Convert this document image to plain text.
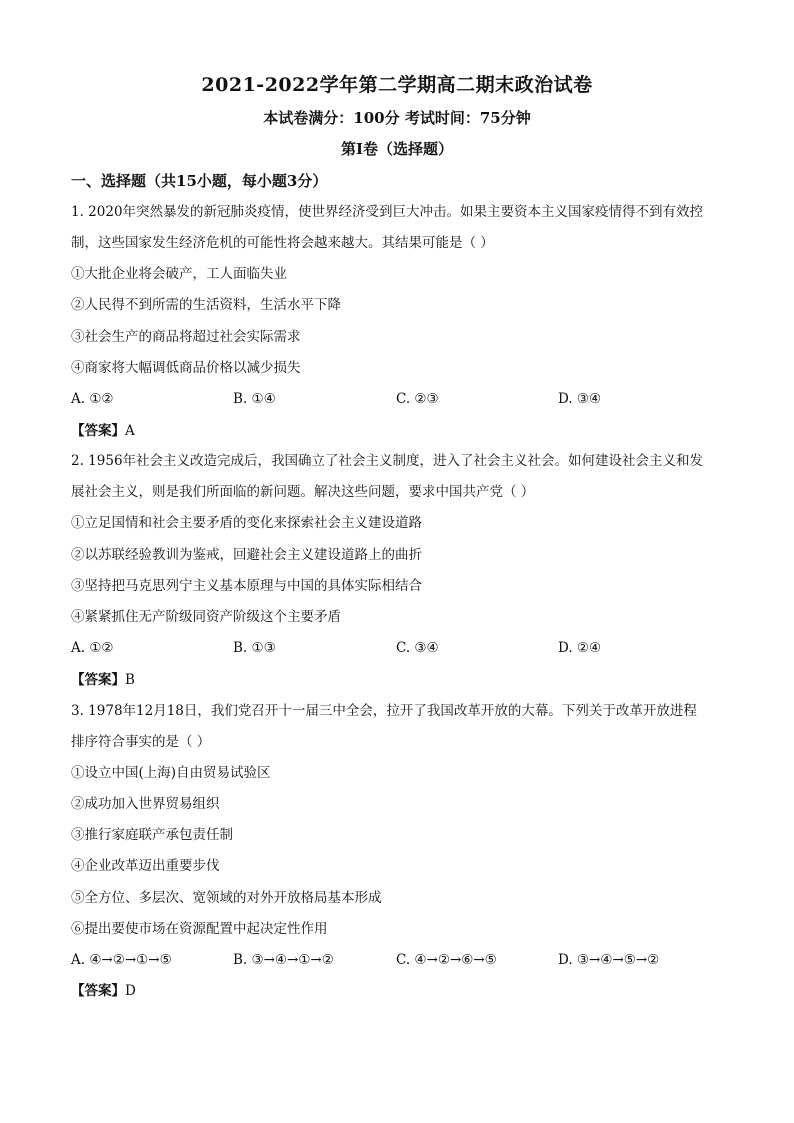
2021-2022学年第二学期高二期末政治试卷
本试卷满分：100分 考试时间：75分钟
第Ⅰ卷（选择题）
一、选择题（共15小题，每小题3分）
1. 2020年突然暴发的新冠肺炎疫情，使世界经济受到巨大冲击。如果主要资本主义国家疫情得不到有效控
制，这些国家发生经济危机的可能性将会越来越大。其结果可能是（ ）
①大批企业将会破产，工人面临失业
②人民得不到所需的生活资料，生活水平下降
③社会生产的商品将超过社会实际需求
④商家将大幅调低商品价格以减少损失
A. ①②	B. ①④	C. ②③	D. ③④
【答案】A
2. 1956年社会主义改造完成后，我国确立了社会主义制度，进入了社会主义社会。如何建设社会主义和发
展社会主义，则是我们所面临的新问题。解决这些问题，要求中国共产党（ ）
①立足国情和社会主要矛盾的变化来探索社会主义建设道路
②以苏联经验教训为鉴戒，回避社会主义建设道路上的曲折
③坚持把马克思列宁主义基本原理与中国的具体实际相结合
④紧紧抓住无产阶级同资产阶级这个主要矛盾
A. ①②	B. ①③	C. ③④	D. ②④
【答案】B
3. 1978年12月18日，我们党召开十一届三中全会，拉开了我国改革开放的大幕。下列关于改革开放进程
排序符合事实的是（ ）
①设立中国(上海)自由贸易试验区
②成功加入世界贸易组织
③推行家庭联产承包责任制
④企业改革迈出重要步伐
⑤全方位、多层次、宽领域的对外开放格局基本形成
⑥提出要使市场在资源配置中起决定性作用
A. ④→②→①→⑤	B. ③→④→①→②	C. ④→②→⑥→⑤	D. ③→④→⑤→②
【答案】D
